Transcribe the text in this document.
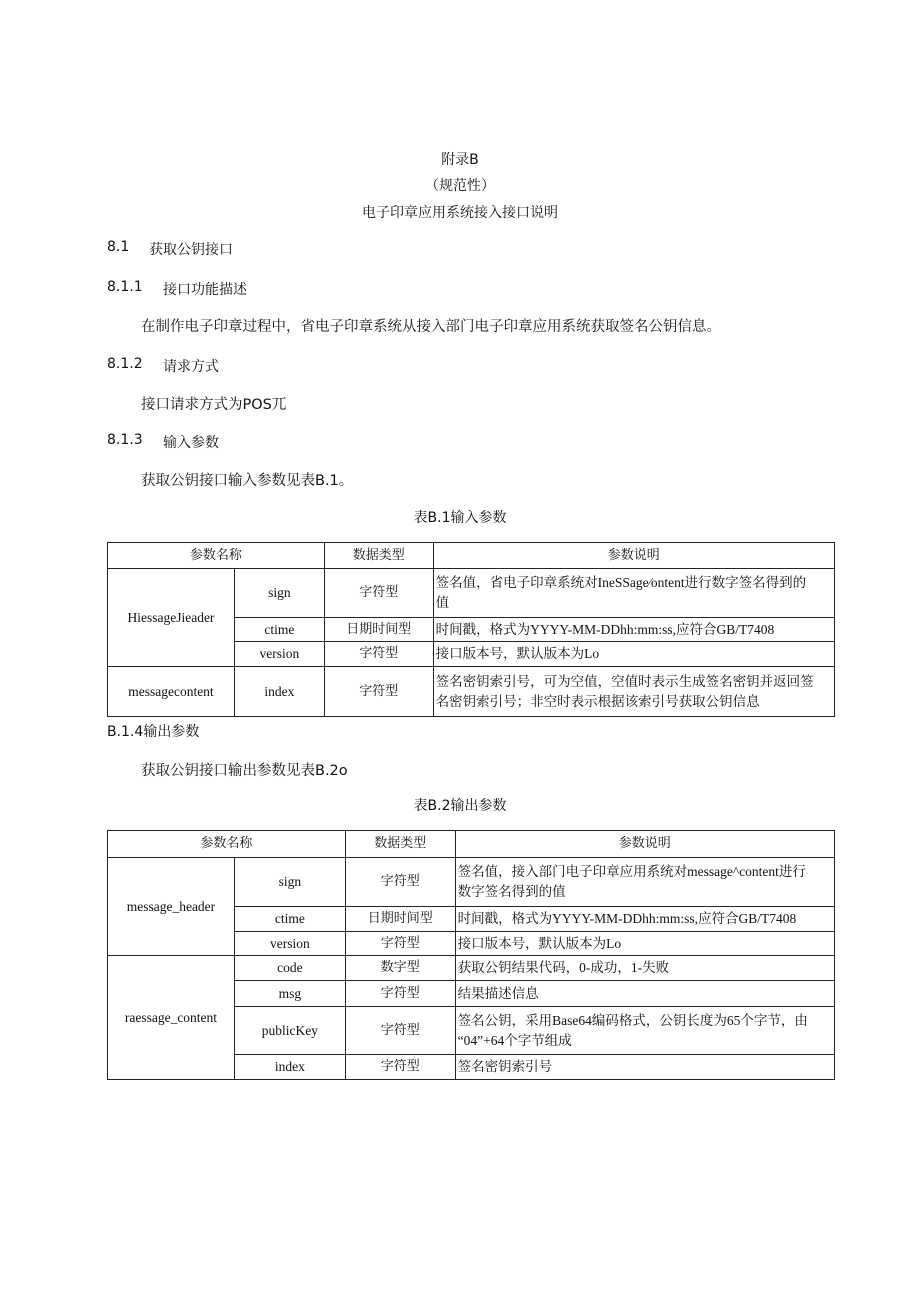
附录B
（规范性）
电子印章应用系统接入接口说明
8.1 获取公钥接口
8.1.1 接口功能描述
在制作电子印章过程中，省电子印章系统从接入部门电子印章应用系统获取签名公钥信息。
8.1.2 请求方式
接口请求方式为POS兀
8.1.3 输入参数
获取公钥接口输入参数见表B.1。
表B.1输入参数
参数名称		数据类型	参数说明
HiessageJieader	sign	字符型	签名值，省电子印章系统对IneSSage⁄ontent进行数字签名得到的
值

	ctime	日期时间型	时间戳，格式为YYYY-MM-DDhh:mm:ss,应符合GB/T7408
	version	字符型	接口版本号，默认版本为Lo
messagecontent	index	字符型	签名密钥索引号，可为空值，空值时表示生成签名密钥并返回签
名密钥索引号；非空时表示根据该索引号获取公钥信息
B.1.4输出参数
获取公钥接口输出参数见表B.2o
表B.2输出参数
参数名称		数据类型	参数说明
message_header	sign	字符型	签名值，接入部门电子印章应用系统对message^content进行
数字签名得到的值

	ctime	日期时间型	时间戳，格式为YYYY-MM-DDhh:mm:ss,应符合GB/T7408
	version	字符型	接口版本号，默认版本为Lo
raessage_content	code	数字型	获取公钥结果代码，0-成功，1-失败
	msg	字符型	结果描述信息
	publicKey	字符型	签名公钥，采用Base64编码格式，公钥长度为65个字节，由
“04”+64个字节组成

	index	字符型	签名密钥索引号
